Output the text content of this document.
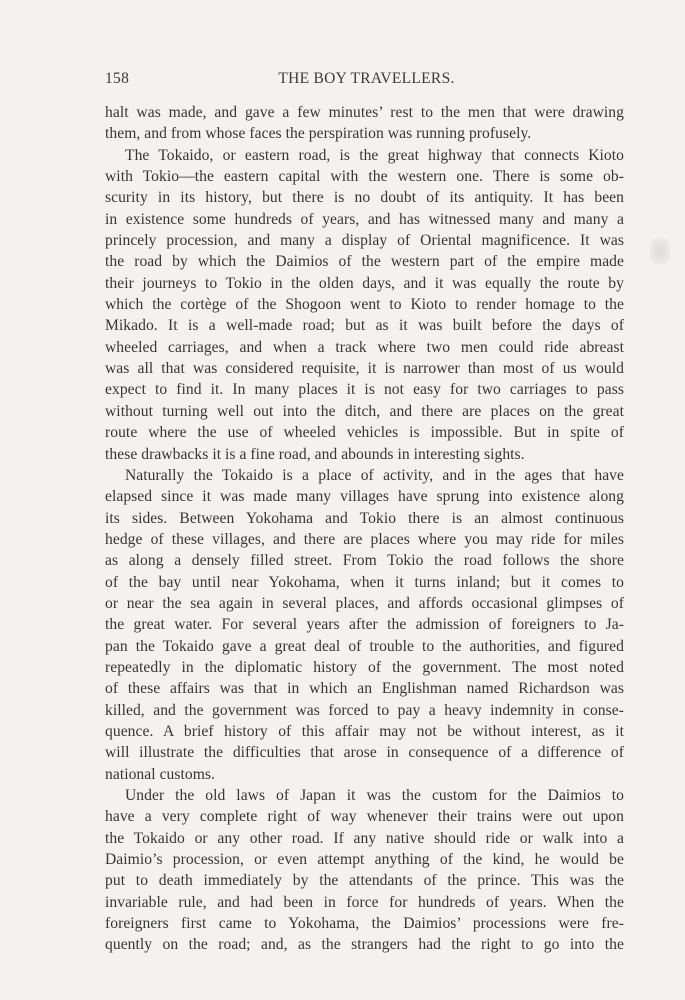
158	THE BOY TRAVELLERS.

halt was made, and gave a few minutes’ rest to the men that were drawing

them, and from whose faces the perspiration was running profusely.

The Tokaido, or eastern road, is the great highway that connects Kioto

with Tokio—the eastern capital with the western one. There is some ob-

scurity in its history, but there is no doubt of its antiquity. It has been

in existence some hundreds of years, and has witnessed many and many a

princely procession, and many a display of Oriental magnificence. It was

the road by which the Daimios of the western part of the empire made

their journeys to Tokio in the olden days, and it was equally the route by

which the cortège of the Shogoon went to Kioto to render homage to the

Mikado. It is a well-made road; but as it was built before the days of

wheeled carriages, and when a track where two men could ride abreast

was all that was considered requisite, it is narrower than most of us would

expect to find it. In many places it is not easy for two carriages to pass

without turning well out into the ditch, and there are places on the great

route where the use of wheeled vehicles is impossible. But in spite of

these drawbacks it is a fine road, and abounds in interesting sights.

Naturally the Tokaido is a place of activity, and in the ages that have

elapsed since it was made many villages have sprung into existence along

its sides. Between Yokohama and Tokio there is an almost continuous

hedge of these villages, and there are places where you may ride for miles

as along a densely filled street. From Tokio the road follows the shore

of the bay until near Yokohama, when it turns inland; but it comes to

or near the sea again in several places, and affords occasional glimpses of

the great water. For several years after the admission of foreigners to Ja-

pan the Tokaido gave a great deal of trouble to the authorities, and figured

repeatedly in the diplomatic history of the government. The most noted

of these affairs was that in which an Englishman named Richardson was

killed, and the government was forced to pay a heavy indemnity in conse-

quence. A brief history of this affair may not be without interest, as it

will illustrate the difficulties that arose in consequence of a difference of

national customs.

Under the old laws of Japan it was the custom for the Daimios to

have a very complete right of way whenever their trains were out upon

the Tokaido or any other road. If any native should ride or walk into a

Daimio’s procession, or even attempt anything of the kind, he would be

put to death immediately by the attendants of the prince. This was the

invariable rule, and had been in force for hundreds of years. When the

foreigners first came to Yokohama, the Daimios’ processions were fre-

quently on the road; and, as the strangers had the right to go into the
